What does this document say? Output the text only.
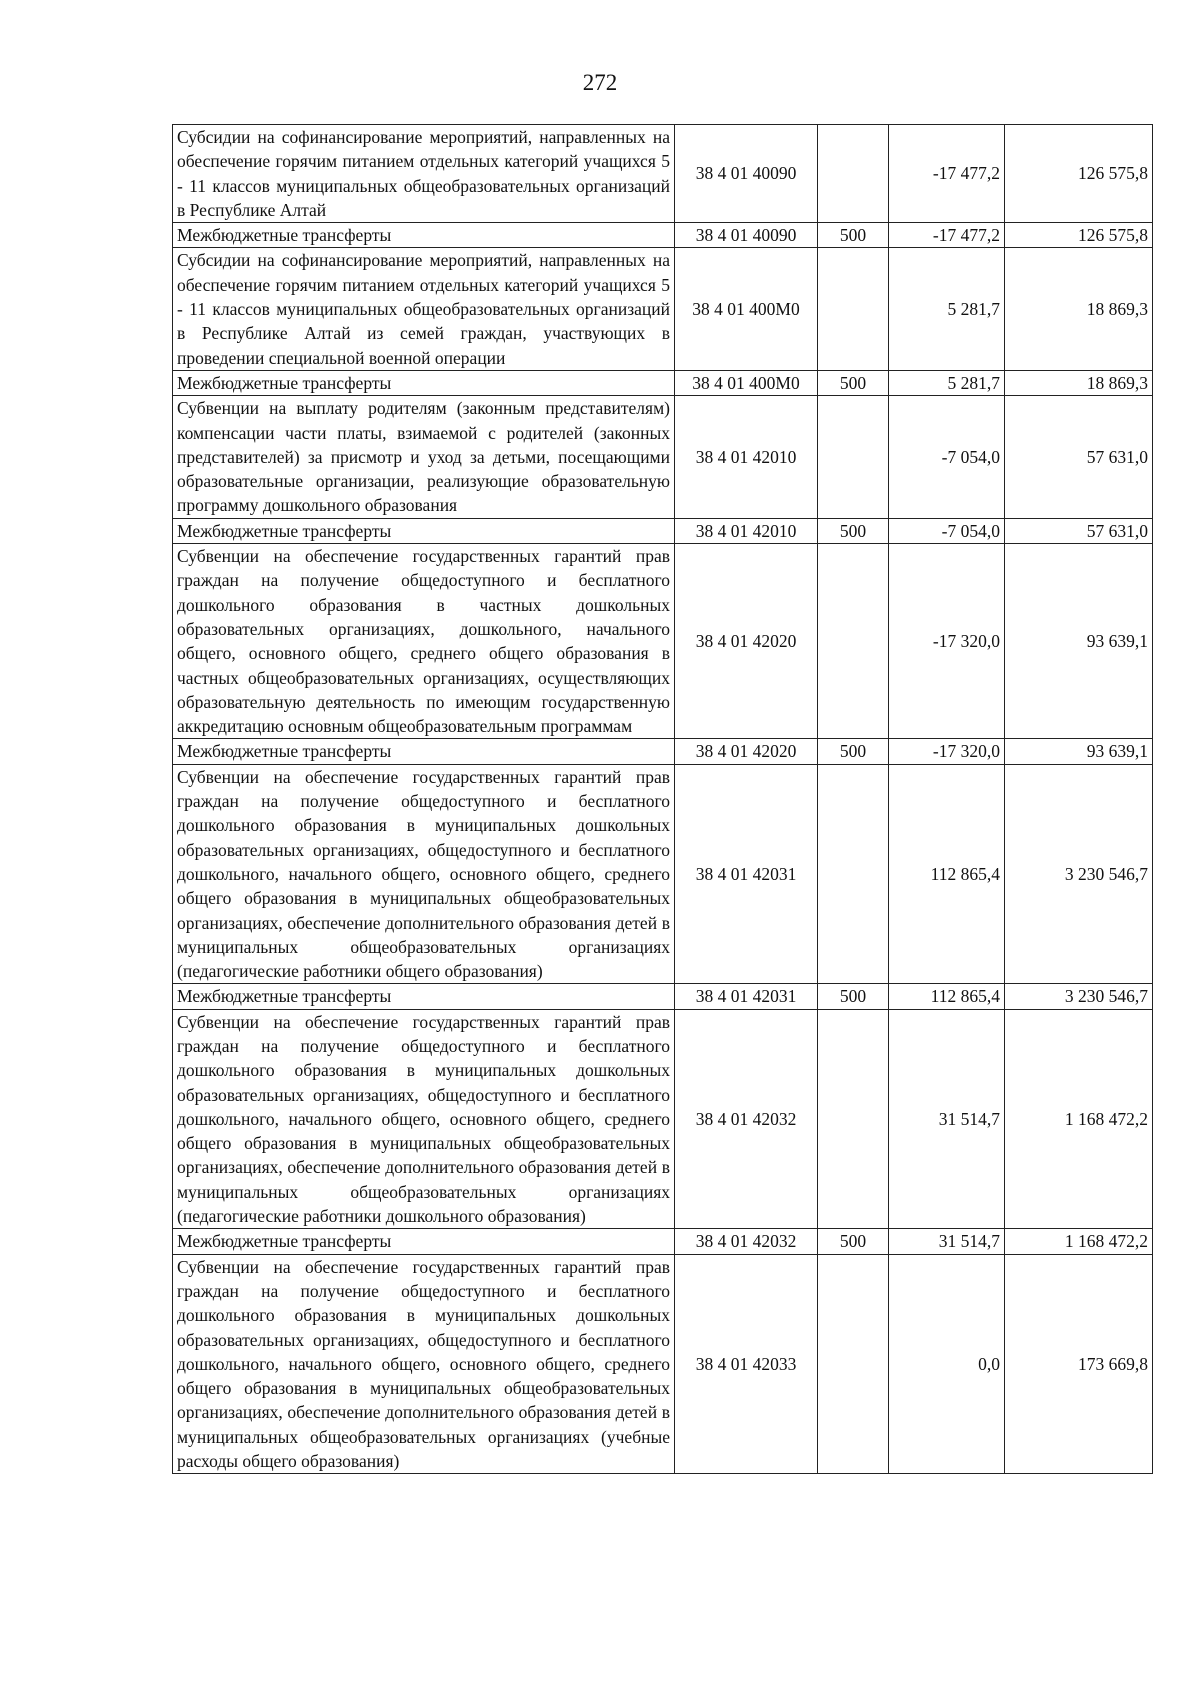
272
Субсидии на софинансирование мероприятий, направленных на обеспечение горячим питанием отдельных категорий учащихся 5 - 11 классов муниципальных общеобразовательных организаций в Республике Алтай	38 4 01 40090		-17 477,2	126 575,8
Межбюджетные трансферты	38 4 01 40090	500	-17 477,2	126 575,8
Субсидии на софинансирование мероприятий, направленных на обеспечение горячим питанием отдельных категорий учащихся 5 - 11 классов муниципальных общеобразовательных организаций в Республике Алтай из семей граждан, участвующих в проведении специальной военной операции	38 4 01 400М0		5 281,7	18 869,3
Межбюджетные трансферты	38 4 01 400М0	500	5 281,7	18 869,3
Субвенции на выплату родителям (законным представителям) компенсации части платы, взимаемой с родителей (законных представителей) за присмотр и уход за детьми, посещающими образовательные организации, реализующие образовательную программу дошкольного образования	38 4 01 42010		-7 054,0	57 631,0
Межбюджетные трансферты	38 4 01 42010	500	-7 054,0	57 631,0
Субвенции на обеспечение государственных гарантий прав граждан на получение общедоступного и бесплатного дошкольного образования в частных дошкольных образовательных организациях, дошкольного, начального общего, основного общего, среднего общего образования в частных общеобразовательных организациях, осуществляющих образовательную деятельность по имеющим государственную аккредитацию основным общеобразовательным программам	38 4 01 42020		-17 320,0	93 639,1
Межбюджетные трансферты	38 4 01 42020	500	-17 320,0	93 639,1
Субвенции на обеспечение государственных гарантий прав граждан на получение общедоступного и бесплатного дошкольного образования в муниципальных дошкольных образовательных организациях, общедоступного и бесплатного дошкольного, начального общего, основного общего, среднего общего образования в муниципальных общеобразовательных организациях, обеспечение дополнительного образования детей в муниципальных общеобразовательных организациях (педагогические работники общего образования)	38 4 01 42031		112 865,4	3 230 546,7
Межбюджетные трансферты	38 4 01 42031	500	112 865,4	3 230 546,7
Субвенции на обеспечение государственных гарантий прав граждан на получение общедоступного и бесплатного дошкольного образования в муниципальных дошкольных образовательных организациях, общедоступного и бесплатного дошкольного, начального общего, основного общего, среднего общего образования в муниципальных общеобразовательных организациях, обеспечение дополнительного образования детей в муниципальных общеобразовательных организациях (педагогические работники дошкольного образования)	38 4 01 42032		31 514,7	1 168 472,2
Межбюджетные трансферты	38 4 01 42032	500	31 514,7	1 168 472,2
Субвенции на обеспечение государственных гарантий прав граждан на получение общедоступного и бесплатного дошкольного образования в муниципальных дошкольных образовательных организациях, общедоступного и бесплатного дошкольного, начального общего, основного общего, среднего общего образования в муниципальных общеобразовательных организациях, обеспечение дополнительного образования детей в муниципальных общеобразовательных организациях (учебные расходы общего образования)	38 4 01 42033		0,0	173 669,8
